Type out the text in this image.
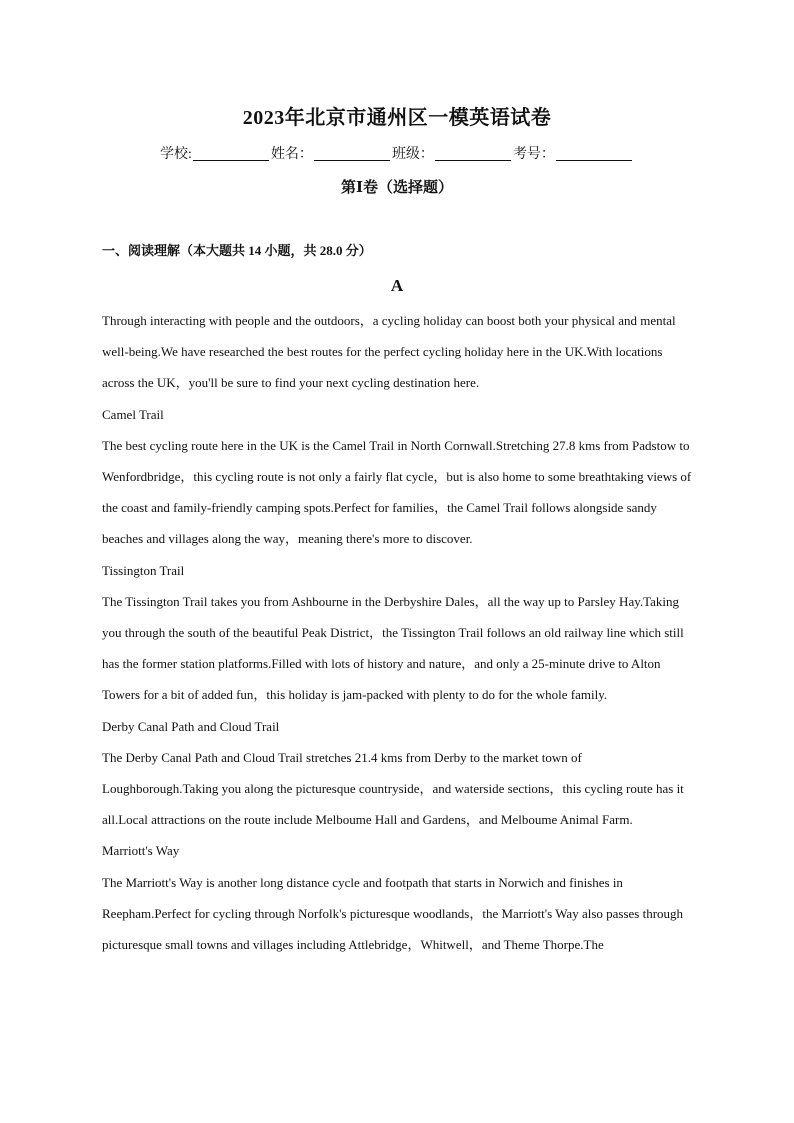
2023年北京市通州区一模英语试卷
学校:	姓名：	班级：	考号：
第Ⅰ卷（选择题）
一、阅读理解（本大题共 14 小题，共 28.0 分）
A

Through interacting with people and the outdoors，a cycling holiday can boost both your physical and mental well-being.We have researched the best routes for the perfect cycling holiday here in the UK.With locations across the UK，you'll be sure to find your next cycling destination here.

Camel Trail

The best cycling route here in the UK is the Camel Trail in North Cornwall.Stretching 27.8 kms from Padstow to Wenfordbridge，this cycling route is not only a fairly flat cycle，but is also home to some breathtaking views of the coast and family-friendly camping spots.Perfect for families，the Camel Trail follows alongside sandy beaches and villages along the way，meaning there's more to discover.

Tissington Trail

The Tissington Trail takes you from Ashbourne in the Derbyshire Dales，all the way up to Parsley Hay.Taking you through the south of the beautiful Peak District，the Tissington Trail follows an old railway line which still has the former station platforms.Filled with lots of history and nature，and only a 25-minute drive to Alton Towers for a bit of added fun，this holiday is jam-packed with plenty to do for the whole family.

Derby Canal Path and Cloud Trail

The Derby Canal Path and Cloud Trail stretches 21.4 kms from Derby to the market town of Loughborough.Taking you along the picturesque countryside，and waterside sections，this cycling route has it all.Local attractions on the route include Melboume Hall and Gardens，and Melboume Animal Farm.

Marriott's Way

The Marriott's Way is another long distance cycle and footpath that starts in Norwich and finishes in Reepham.Perfect for cycling through Norfolk's picturesque woodlands，the Marriott's Way also passes through picturesque small towns and villages including Attlebridge，Whitwell，and Theme Thorpe.The
